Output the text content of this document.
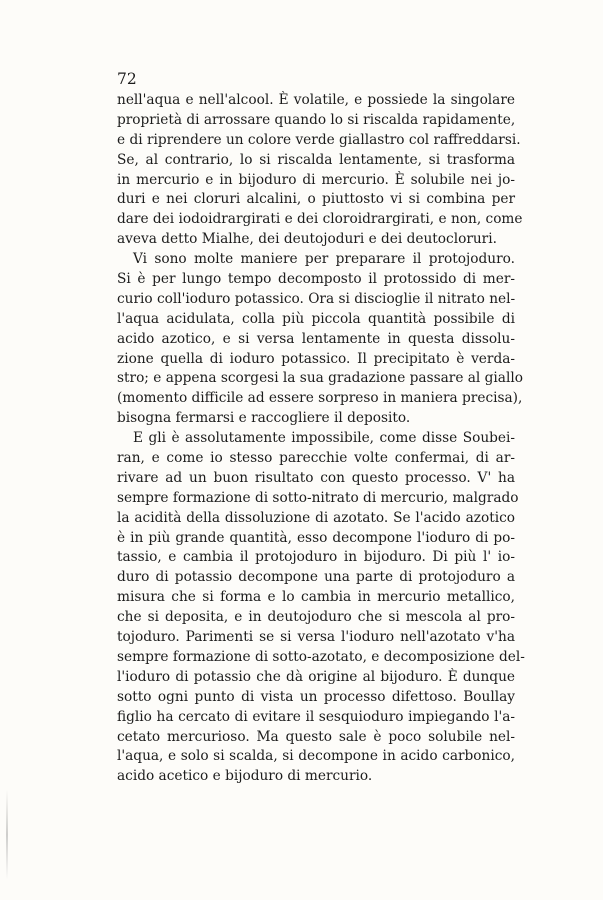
72
nell'aqua e nell'alcool. È volatile, e possiede la singolare
proprietà di arrossare quando lo si riscalda rapidamente,
e di riprendere un colore verde giallastro col raffreddarsi.
Se, al contrario, lo si riscalda lentamente, si trasforma
in mercurio e in bijoduro di mercurio. È solubile nei jo-
duri e nei cloruri alcalini, o piuttosto vi si combina per
dare dei iodoidrargirati e dei cloroidrargirati, e non, come
aveva detto Mialhe, dei deutojoduri e dei deutocloruri.
Vi sono molte maniere per preparare il protojoduro.
Si è per lungo tempo decomposto il protossido di mer-
curio coll'ioduro potassico. Ora si discioglie il nitrato nel-
l'aqua acidulata, colla più piccola quantità possibile di
acido azotico, e si versa lentamente in questa dissolu-
zione quella di ioduro potassico. Il precipitato è verda-
stro; e appena scorgesi la sua gradazione passare al giallo
(momento difficile ad essere sorpreso in maniera precisa),
bisogna fermarsi e raccogliere il deposito.
E gli è assolutamente impossibile, come disse Soubei-
ran, e come io stesso parecchie volte confermai, di ar-
rivare ad un buon risultato con questo processo. V' ha
sempre formazione di sotto-nitrato di mercurio, malgrado
la acidità della dissoluzione di azotato. Se l'acido azotico
è in più grande quantità, esso decompone l'ioduro di po-
tassio, e cambia il protojoduro in bijoduro. Di più l' io-
duro di potassio decompone una parte di protojoduro a
misura che si forma e lo cambia in mercurio metallico,
che si deposita, e in deutojoduro che si mescola al pro-
tojoduro. Parimenti se si versa l'ioduro nell'azotato v'ha
sempre formazione di sotto-azotato, e decomposizione del-
l'ioduro di potassio che dà origine al bijoduro. È dunque
sotto ogni punto di vista un processo difettoso. Boullay
figlio ha cercato di evitare il sesquioduro impiegando l'a-
cetato mercurioso. Ma questo sale è poco solubile nel-
l'aqua, e solo si scalda, si decompone in acido carbonico,
acido acetico e bijoduro di mercurio.
